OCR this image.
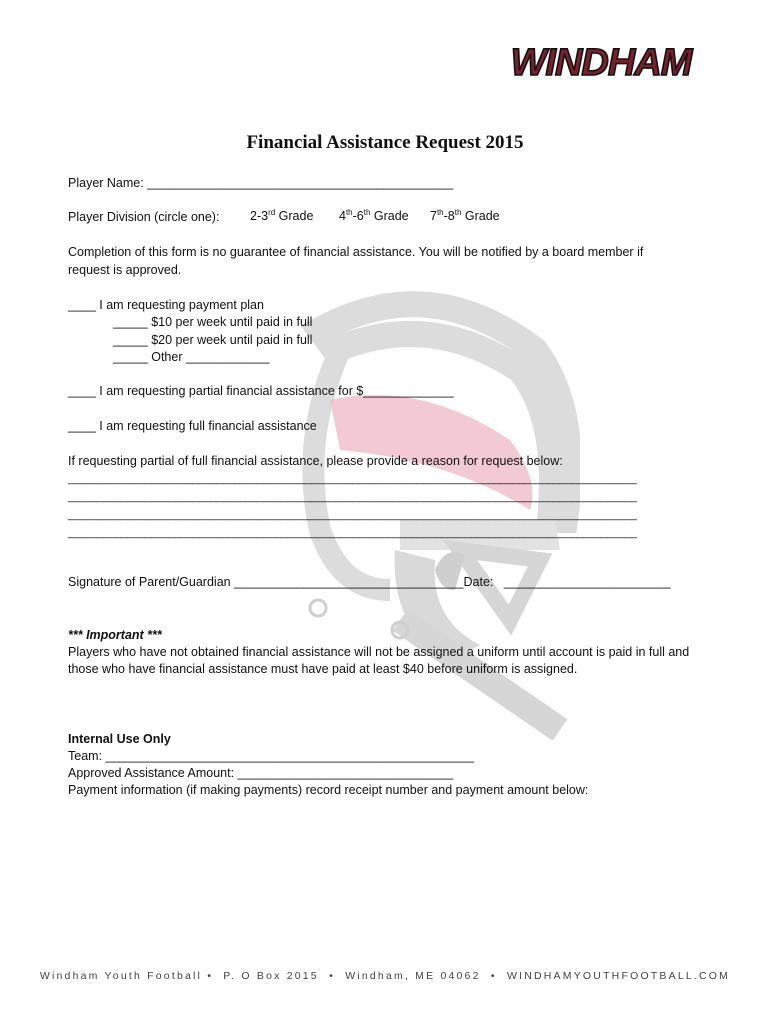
WINDHAM
Financial Assistance Request 2015
Player Name: ____________________________________________
Player Division (circle one): 2-3rd Grade 4th-6th Grade 7th-8th Grade
Completion of this form is no guarantee of financial assistance. You will be notified by a board member if
request is approved.
____ I am requesting payment plan
_____ $10 per week until paid in full
_____ $20 per week until paid in full
_____ Other ____________
____ I am requesting partial financial assistance for $_____________
____ I am requesting full financial assistance
If requesting partial of full financial assistance, please provide a reason for request below:
________________________________________________________________________________________________
________________________________________________________________________________________________
________________________________________________________________________________________________
________________________________________________________________________________________________
Signature of Parent/Guardian _________________________________Date:   ________________________
*** Important ***
Players who have not obtained financial assistance will not be assigned a uniform until account is paid in full and
those who have financial assistance must have paid at least $40 before uniform is assigned.
Internal Use Only
Team: _____________________________________________________
Approved Assistance Amount: _______________________________
Payment information (if making payments) record receipt number and payment amount below:
Windham Youth Football •  P. O Box 2015  •  Windham, ME 04062  •  WINDHAMYOUTHFOOTBALL.COM
